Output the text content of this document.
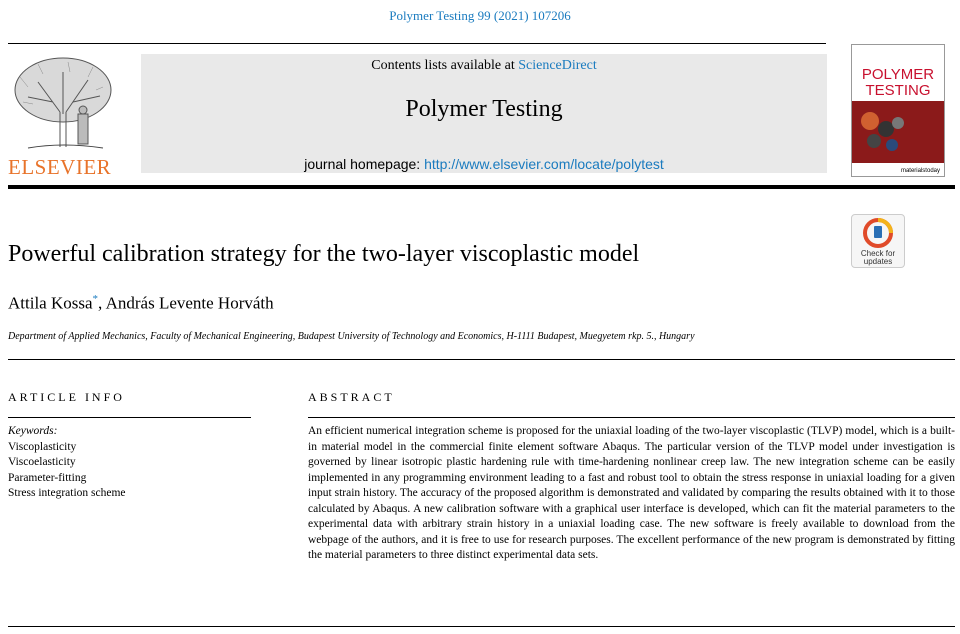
Polymer Testing 99 (2021) 107206
ELSEVIER
Contents lists available at ScienceDirect
Polymer Testing
journal homepage: http://www.elsevier.com/locate/polytest
POLYMER
TESTING
materialstoday
Check for
updates
Powerful calibration strategy for the two-layer viscoplastic model
Attila Kossa*, András Levente Horváth
Department of Applied Mechanics, Faculty of Mechanical Engineering, Budapest University of Technology and Economics, H-1111 Budapest, Muegyetem rkp. 5., Hungary
ARTICLE INFO	ABSTRACT
Keywords:
Viscoplasticity
Viscoelasticity
Parameter-fitting
Stress integration scheme
An efficient numerical integration scheme is proposed for the uniaxial loading of the two-layer viscoplastic (TLVP) model, which is a built-in material model in the commercial finite element software Abaqus. The particular version of the TLVP model under investigation is governed by linear isotropic plastic hardening rule with time-hardening nonlinear creep law. The new integration scheme can be easily implemented in any programming environment leading to a fast and robust tool to obtain the stress response in uniaxial loading for a given input strain history. The accuracy of the proposed algorithm is demonstrated and validated by comparing the results obtained with it to those calculated by Abaqus. A new calibration software with a graphical user interface is developed, which can fit the material parameters to the experimental data with arbitrary strain history in a uniaxial loading case. The new software is freely available to download from the webpage of the authors, and it is free to use for research purposes. The excellent performance of the new program is demonstrated by fitting the material parameters to three distinct experimental data sets.
